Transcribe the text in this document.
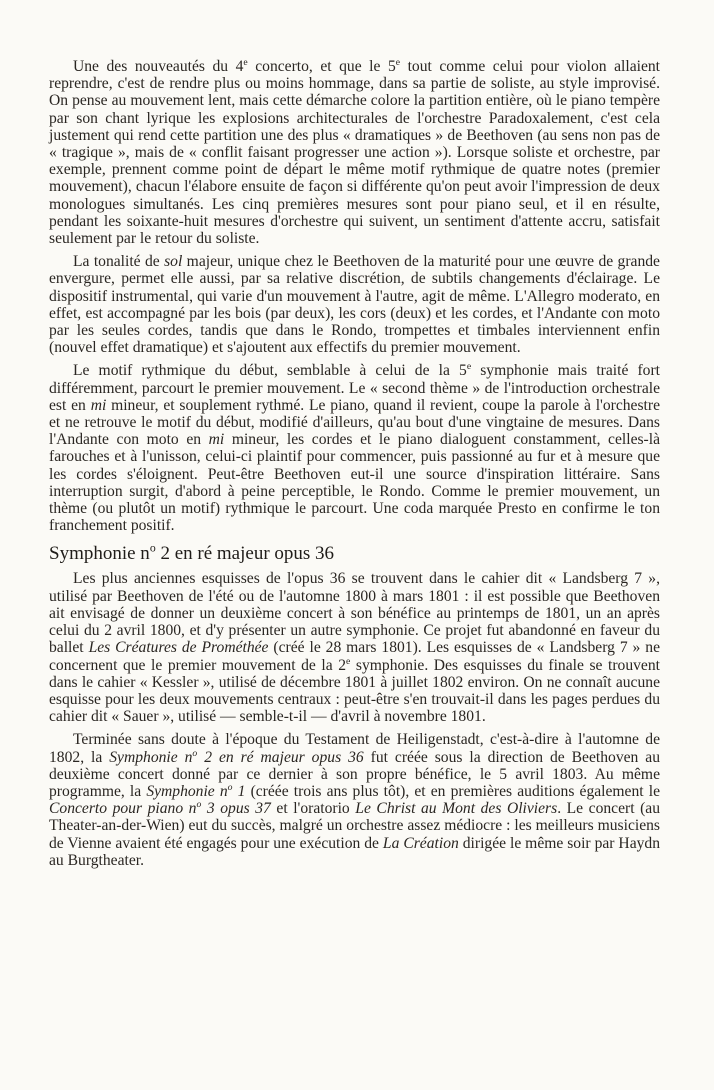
Une des nouveautés du 4e concerto, et que le 5e tout comme celui pour violon allaient reprendre, c'est de rendre plus ou moins hommage, dans sa partie de soliste, au style improvisé. On pense au mouvement lent, mais cette démarche colore la partition entière, où le piano tempère par son chant lyrique les explosions architecturales de l'orchestre Paradoxalement, c'est cela justement qui rend cette partition une des plus « dramatiques » de Beethoven (au sens non pas de « tragique », mais de « conflit faisant progresser une action »). Lorsque soliste et orchestre, par exemple, prennent comme point de départ le même motif rythmique de quatre notes (premier mouvement), chacun l'élabore ensuite de façon si différente qu'on peut avoir l'impression de deux monologues simultanés. Les cinq premières mesures sont pour piano seul, et il en résulte, pendant les soixante-huit mesures d'orchestre qui suivent, un sentiment d'attente accru, satisfait seulement par le retour du soliste.

La tonalité de sol majeur, unique chez le Beethoven de la maturité pour une œuvre de grande envergure, permet elle aussi, par sa relative discrétion, de subtils changements d'éclairage. Le dispositif instrumental, qui varie d'un mouvement à l'autre, agit de même. L'Allegro moderato, en effet, est accompagné par les bois (par deux), les cors (deux) et les cordes, et l'Andante con moto par les seules cordes, tandis que dans le Rondo, trompettes et timbales interviennent enfin (nouvel effet dramatique) et s'ajoutent aux effectifs du premier mouvement.

Le motif rythmique du début, semblable à celui de la 5e symphonie mais traité fort différemment, parcourt le premier mouvement. Le « second thème » de l'introduction orchestrale est en mi mineur, et souplement rythmé. Le piano, quand il revient, coupe la parole à l'orchestre et ne retrouve le motif du début, modifié d'ailleurs, qu'au bout d'une vingtaine de mesures. Dans l'Andante con moto en mi mineur, les cordes et le piano dialoguent constamment, celles-là farouches et à l'unisson, celui-ci plaintif pour commencer, puis passionné au fur et à mesure que les cordes s'éloignent. Peut-être Beethoven eut-il une source d'inspiration littéraire. Sans interruption surgit, d'abord à peine perceptible, le Rondo. Comme le premier mouvement, un thème (ou plutôt un motif) rythmique le parcourt. Une coda marquée Presto en confirme le ton franchement positif.

Symphonie $n^o$ 2 en ré majeur opus 36

Les plus anciennes esquisses de l'opus 36 se trouvent dans le cahier dit « Landsberg 7 », utilisé par Beethoven de l'été ou de l'automne 1800 à mars 1801 : il est possible que Beethoven ait envisagé de donner un deuxième concert à son bénéfice au printemps de 1801, un an après celui du 2 avril 1800, et d'y présenter un autre symphonie. Ce projet fut abandonné en faveur du ballet Les Créatures de Prométhée (créé le 28 mars 1801). Les esquisses de « Landsberg 7 » ne concernent que le premier mouvement de la 2e symphonie. Des esquisses du finale se trouvent dans le cahier « Kessler », utilisé de décembre 1801 à juillet 1802 environ. On ne connaît aucune esquisse pour les deux mouvements centraux : peut-être s'en trouvait-il dans les pages perdues du cahier dit « Sauer », utilisé — semble-t-il — d'avril à novembre 1801.

Terminée sans doute à l'époque du Testament de Heiligenstadt, c'est-à-dire à l'automne de 1802, la Symphonie $n^o$ 2 en ré majeur opus 36 fut créée sous la direction de Beethoven au deuxième concert donné par ce dernier à son propre bénéfice, le 5 avril 1803. Au même programme, la Symphonie $n^o$ 1 (créée trois ans plus tôt), et en premières auditions également le Concerto pour piano $n^o$ 3 opus 37 et l'oratorio Le Christ au Mont des Oliviers. Le concert (au Theater-an-der-Wien) eut du succès, malgré un orchestre assez médiocre : les meilleurs musiciens de Vienne avaient été engagés pour une exécution de La Création dirigée le même soir par Haydn au Burgtheater.
